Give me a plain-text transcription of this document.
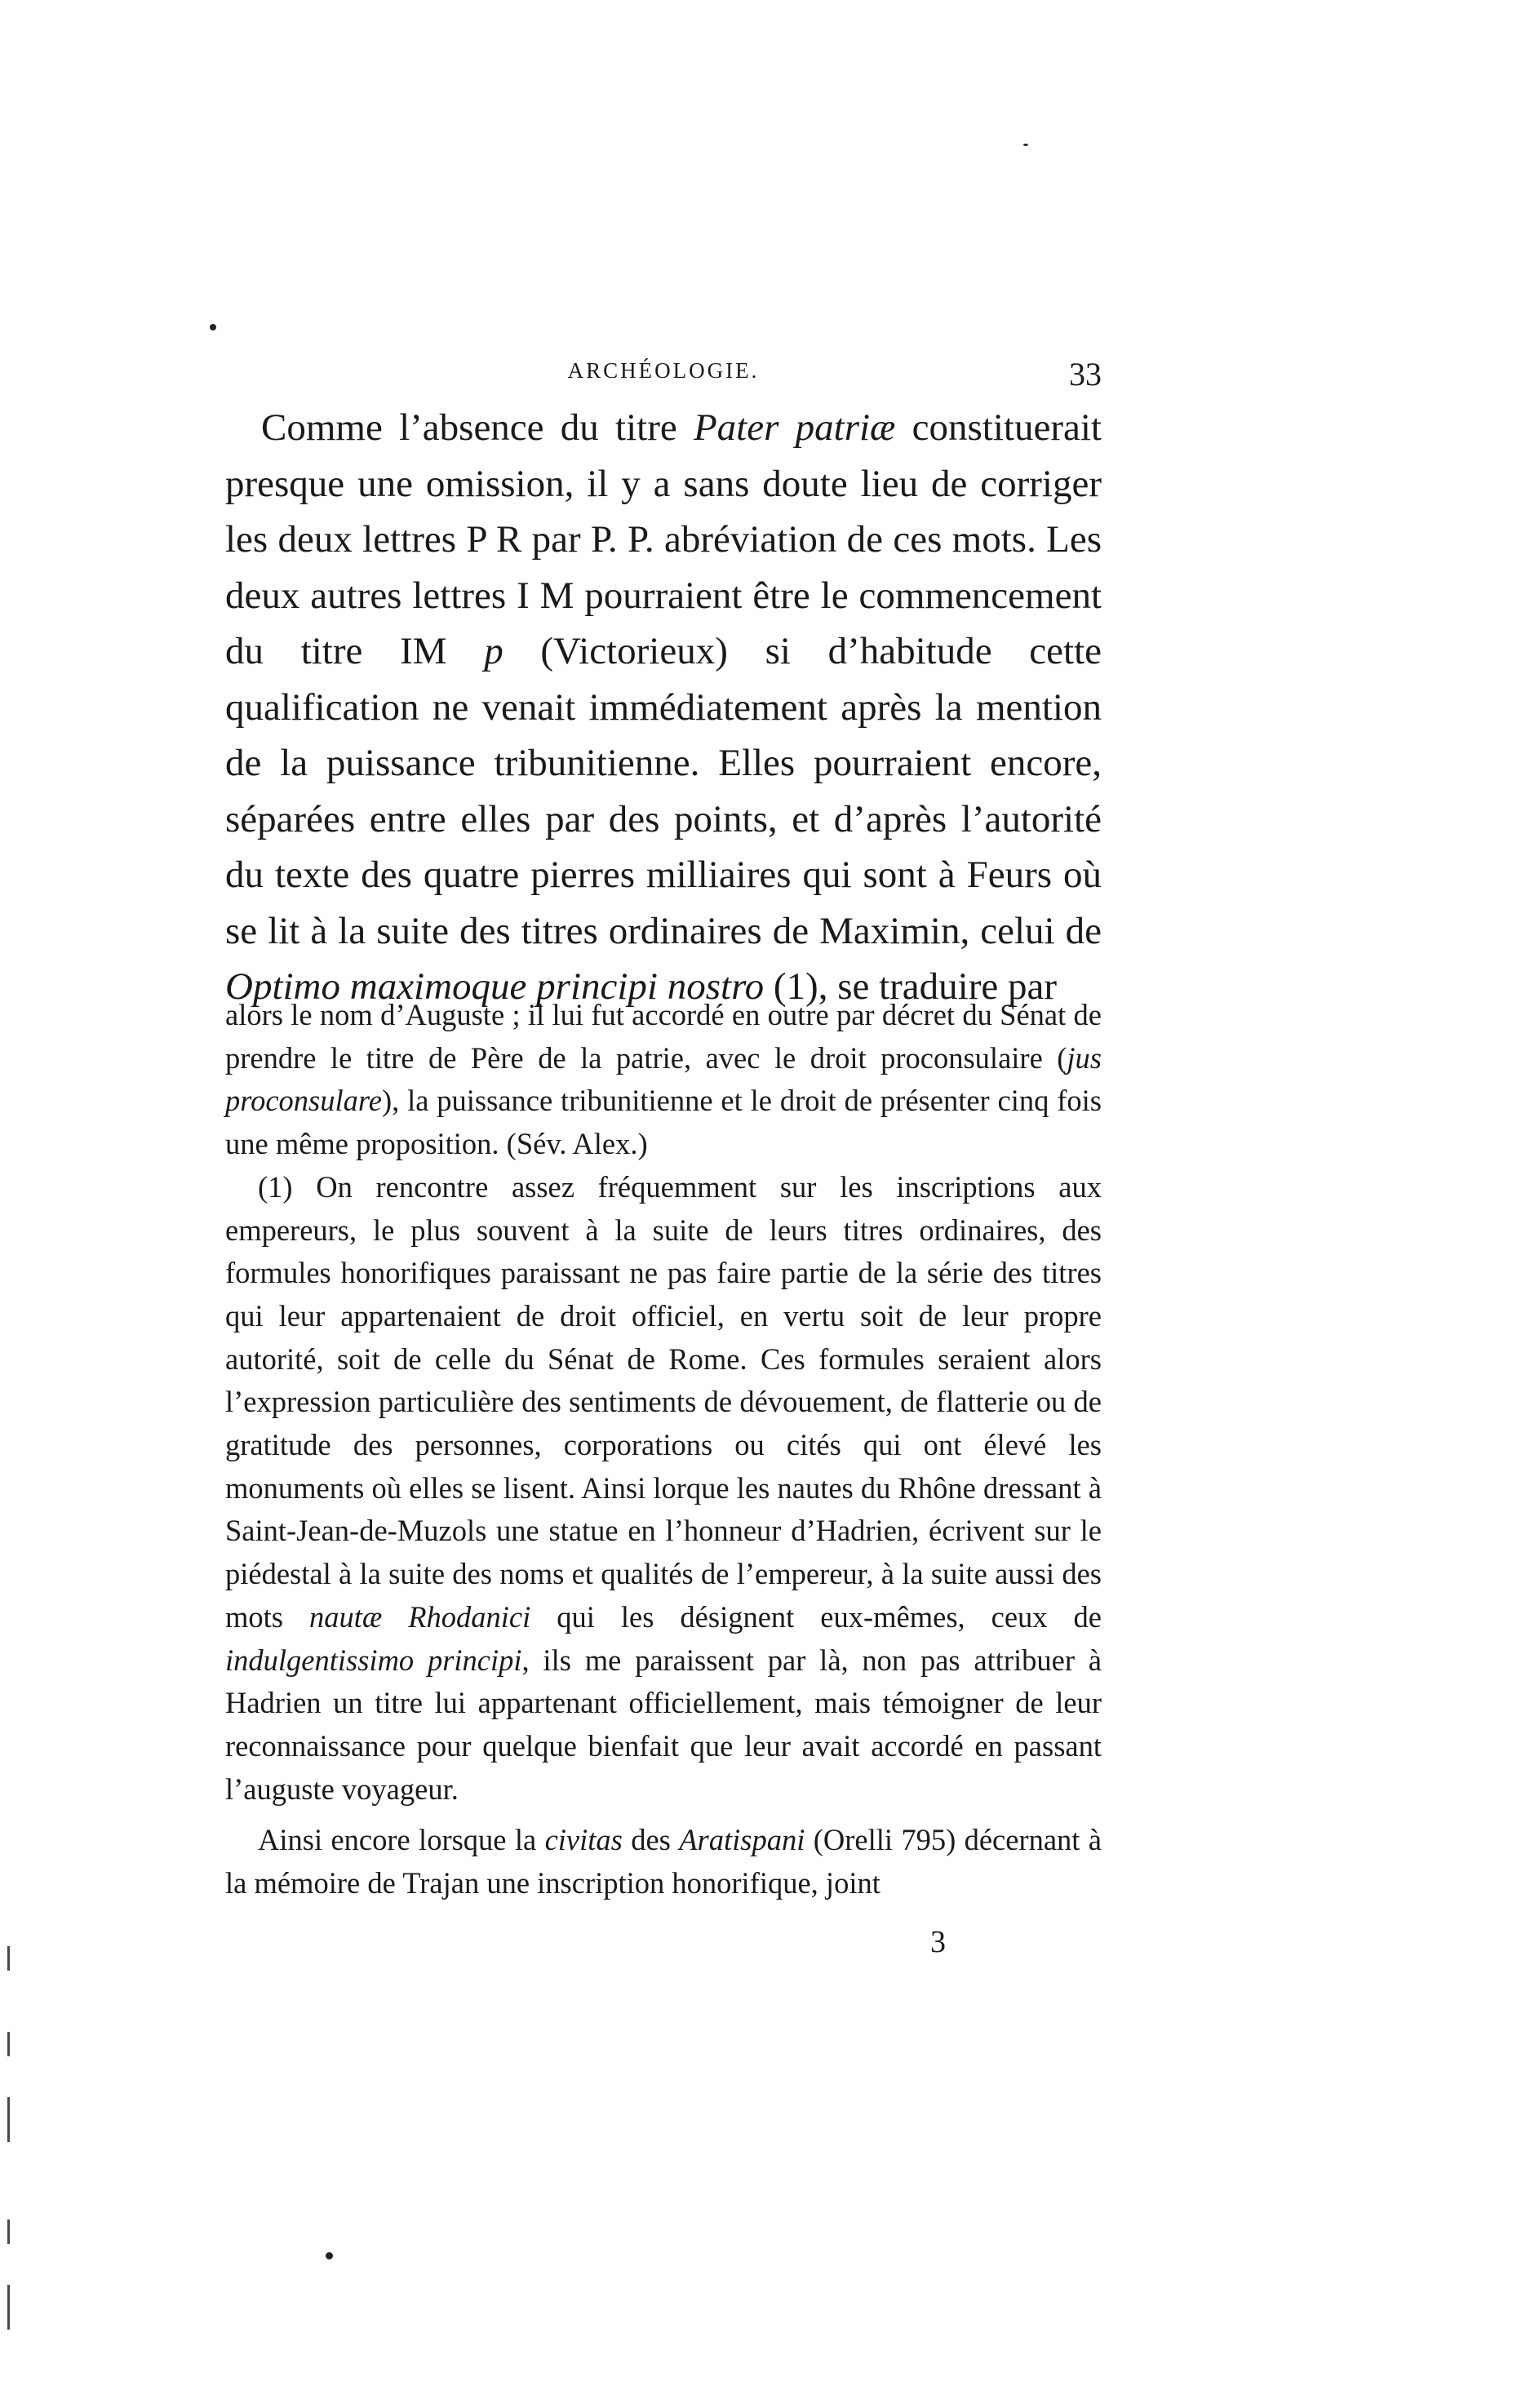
ARCHÉOLOGIE.	33

Comme l’absence du titre Pater patriæ constituerait presque une omission, il y a sans doute lieu de corriger les deux lettres P R par P. P. abréviation de ces mots. Les deux autres lettres I M pourraient être le commencement du titre IM p (Victorieux) si d’habitude cette qualification ne venait immédiatement après la mention de la puissance tribunitienne. Elles pourraient encore, séparées entre elles par des points, et d’après l’autorité du texte des quatre pierres milliaires qui sont à Feurs où se lit à la suite des titres ordinaires de Maximin, celui de Optimo maximoque principi nostro (1), se traduire par

alors le nom d’Auguste ; il lui fut accordé en outre par décret du Sénat de prendre le titre de Père de la patrie, avec le droit proconsulaire (jus proconsulare), la puissance tribunitienne et le droit de présenter cinq fois une même proposition. (Sév. Alex.)

(1) On rencontre assez fréquemment sur les inscriptions aux empereurs, le plus souvent à la suite de leurs titres ordinaires, des formules honorifiques paraissant ne pas faire partie de la série des titres qui leur appartenaient de droit officiel, en vertu soit de leur propre autorité, soit de celle du Sénat de Rome. Ces formules seraient alors l’expression particulière des sentiments de dévouement, de flatterie ou de gratitude des personnes, corporations ou cités qui ont élevé les monuments où elles se lisent. Ainsi lorque les nautes du Rhône dressant à Saint-Jean-de-Muzols une statue en l’honneur d’Hadrien, écrivent sur le piédestal à la suite des noms et qualités de l’empereur, à la suite aussi des mots nautæ Rhodanici qui les désignent eux-mêmes, ceux de indulgentissimo principi, ils me paraissent par là, non pas attribuer à Hadrien un titre lui appartenant officiellement, mais témoigner de leur reconnaissance pour quelque bienfait que leur avait accordé en passant l’auguste voyageur.

Ainsi encore lorsque la civitas des Aratispani (Orelli 795) décernant à la mémoire de Trajan une inscription honorifique, joint

3
